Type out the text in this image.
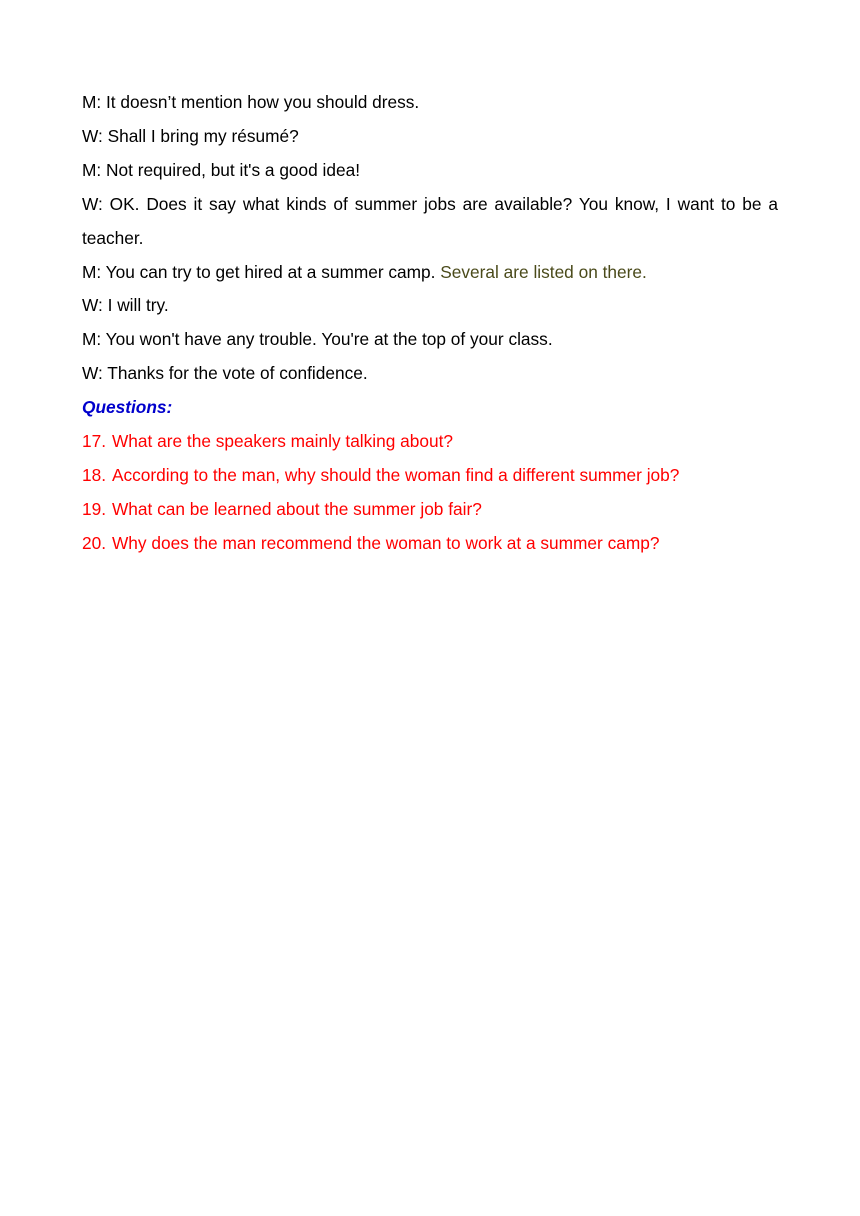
M: It doesn’t mention how you should dress.

W: Shall I bring my résumé?

M: Not required, but it's a good idea!

W: OK. Does it say what kinds of summer jobs are available? You know, I want to be a teacher.

M: You can try to get hired at a summer camp. Several are listed on there.

W: I will try.

M: You won't have any trouble. You're at the top of your class.

W: Thanks for the vote of confidence.

Questions:

17. What are the speakers mainly talking about?

18. According to the man, why should the woman find a different summer job?

19. What can be learned about the summer job fair?

20. Why does the man recommend the woman to work at a summer camp?
